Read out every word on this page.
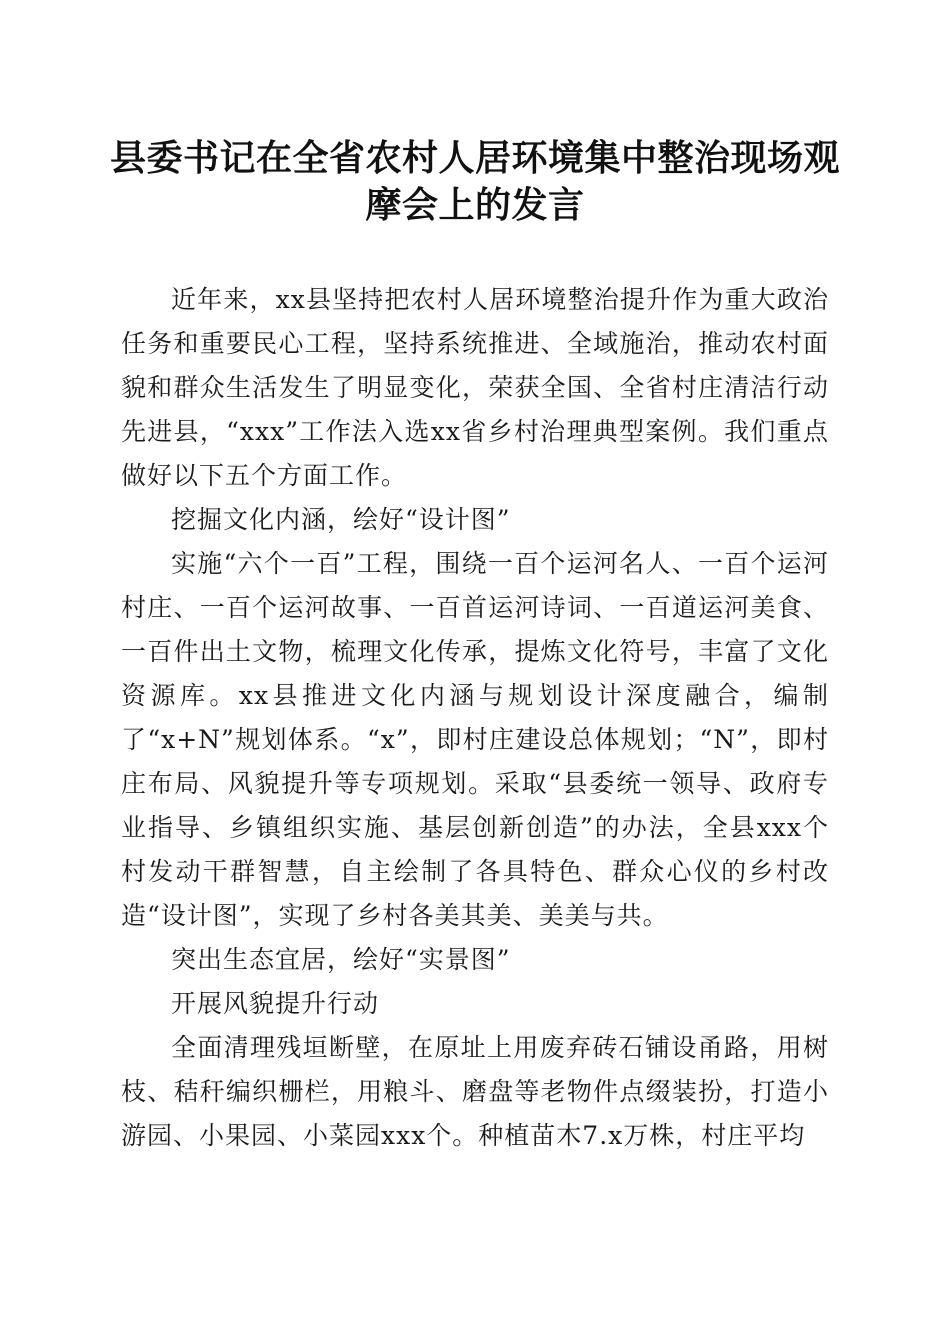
县委书记在全省农村人居环境集中整治现场观
摩会上的发言

近年来，xx县坚持把农村人居环境整治提升作为重大政治任务和重要民心工程，坚持系统推进、全域施治，推动农村面貌和群众生活发生了明显变化，荣获全国、全省村庄清洁行动先进县，“xxx”工作法入选xx省乡村治理典型案例。我们重点做好以下五个方面工作。

挖掘文化内涵，绘好“设计图”

实施“六个一百”工程，围绕一百个运河名人、一百个运河村庄、一百个运河故事、一百首运河诗词、一百道运河美食、一百件出土文物，梳理文化传承，提炼文化符号，丰富了文化资源库。xx县推进文化内涵与规划设计深度融合，编制了“x+N”规划体系。“x”，即村庄建设总体规划；“N”，即村庄布局、风貌提升等专项规划。采取“县委统一领导、政府专业指导、乡镇组织实施、基层创新创造”的办法，全县xxx个村发动干群智慧，自主绘制了各具特色、群众心仪的乡村改造“设计图”，实现了乡村各美其美、美美与共。

突出生态宜居，绘好“实景图”

开展风貌提升行动

全面清理残垣断壁，在原址上用废弃砖石铺设甬路，用树枝、秸秆编织栅栏，用粮斗、磨盘等老物件点缀装扮，打造小游园、小果园、小菜园xxx个。种植苗木7.x万株，村庄平均
